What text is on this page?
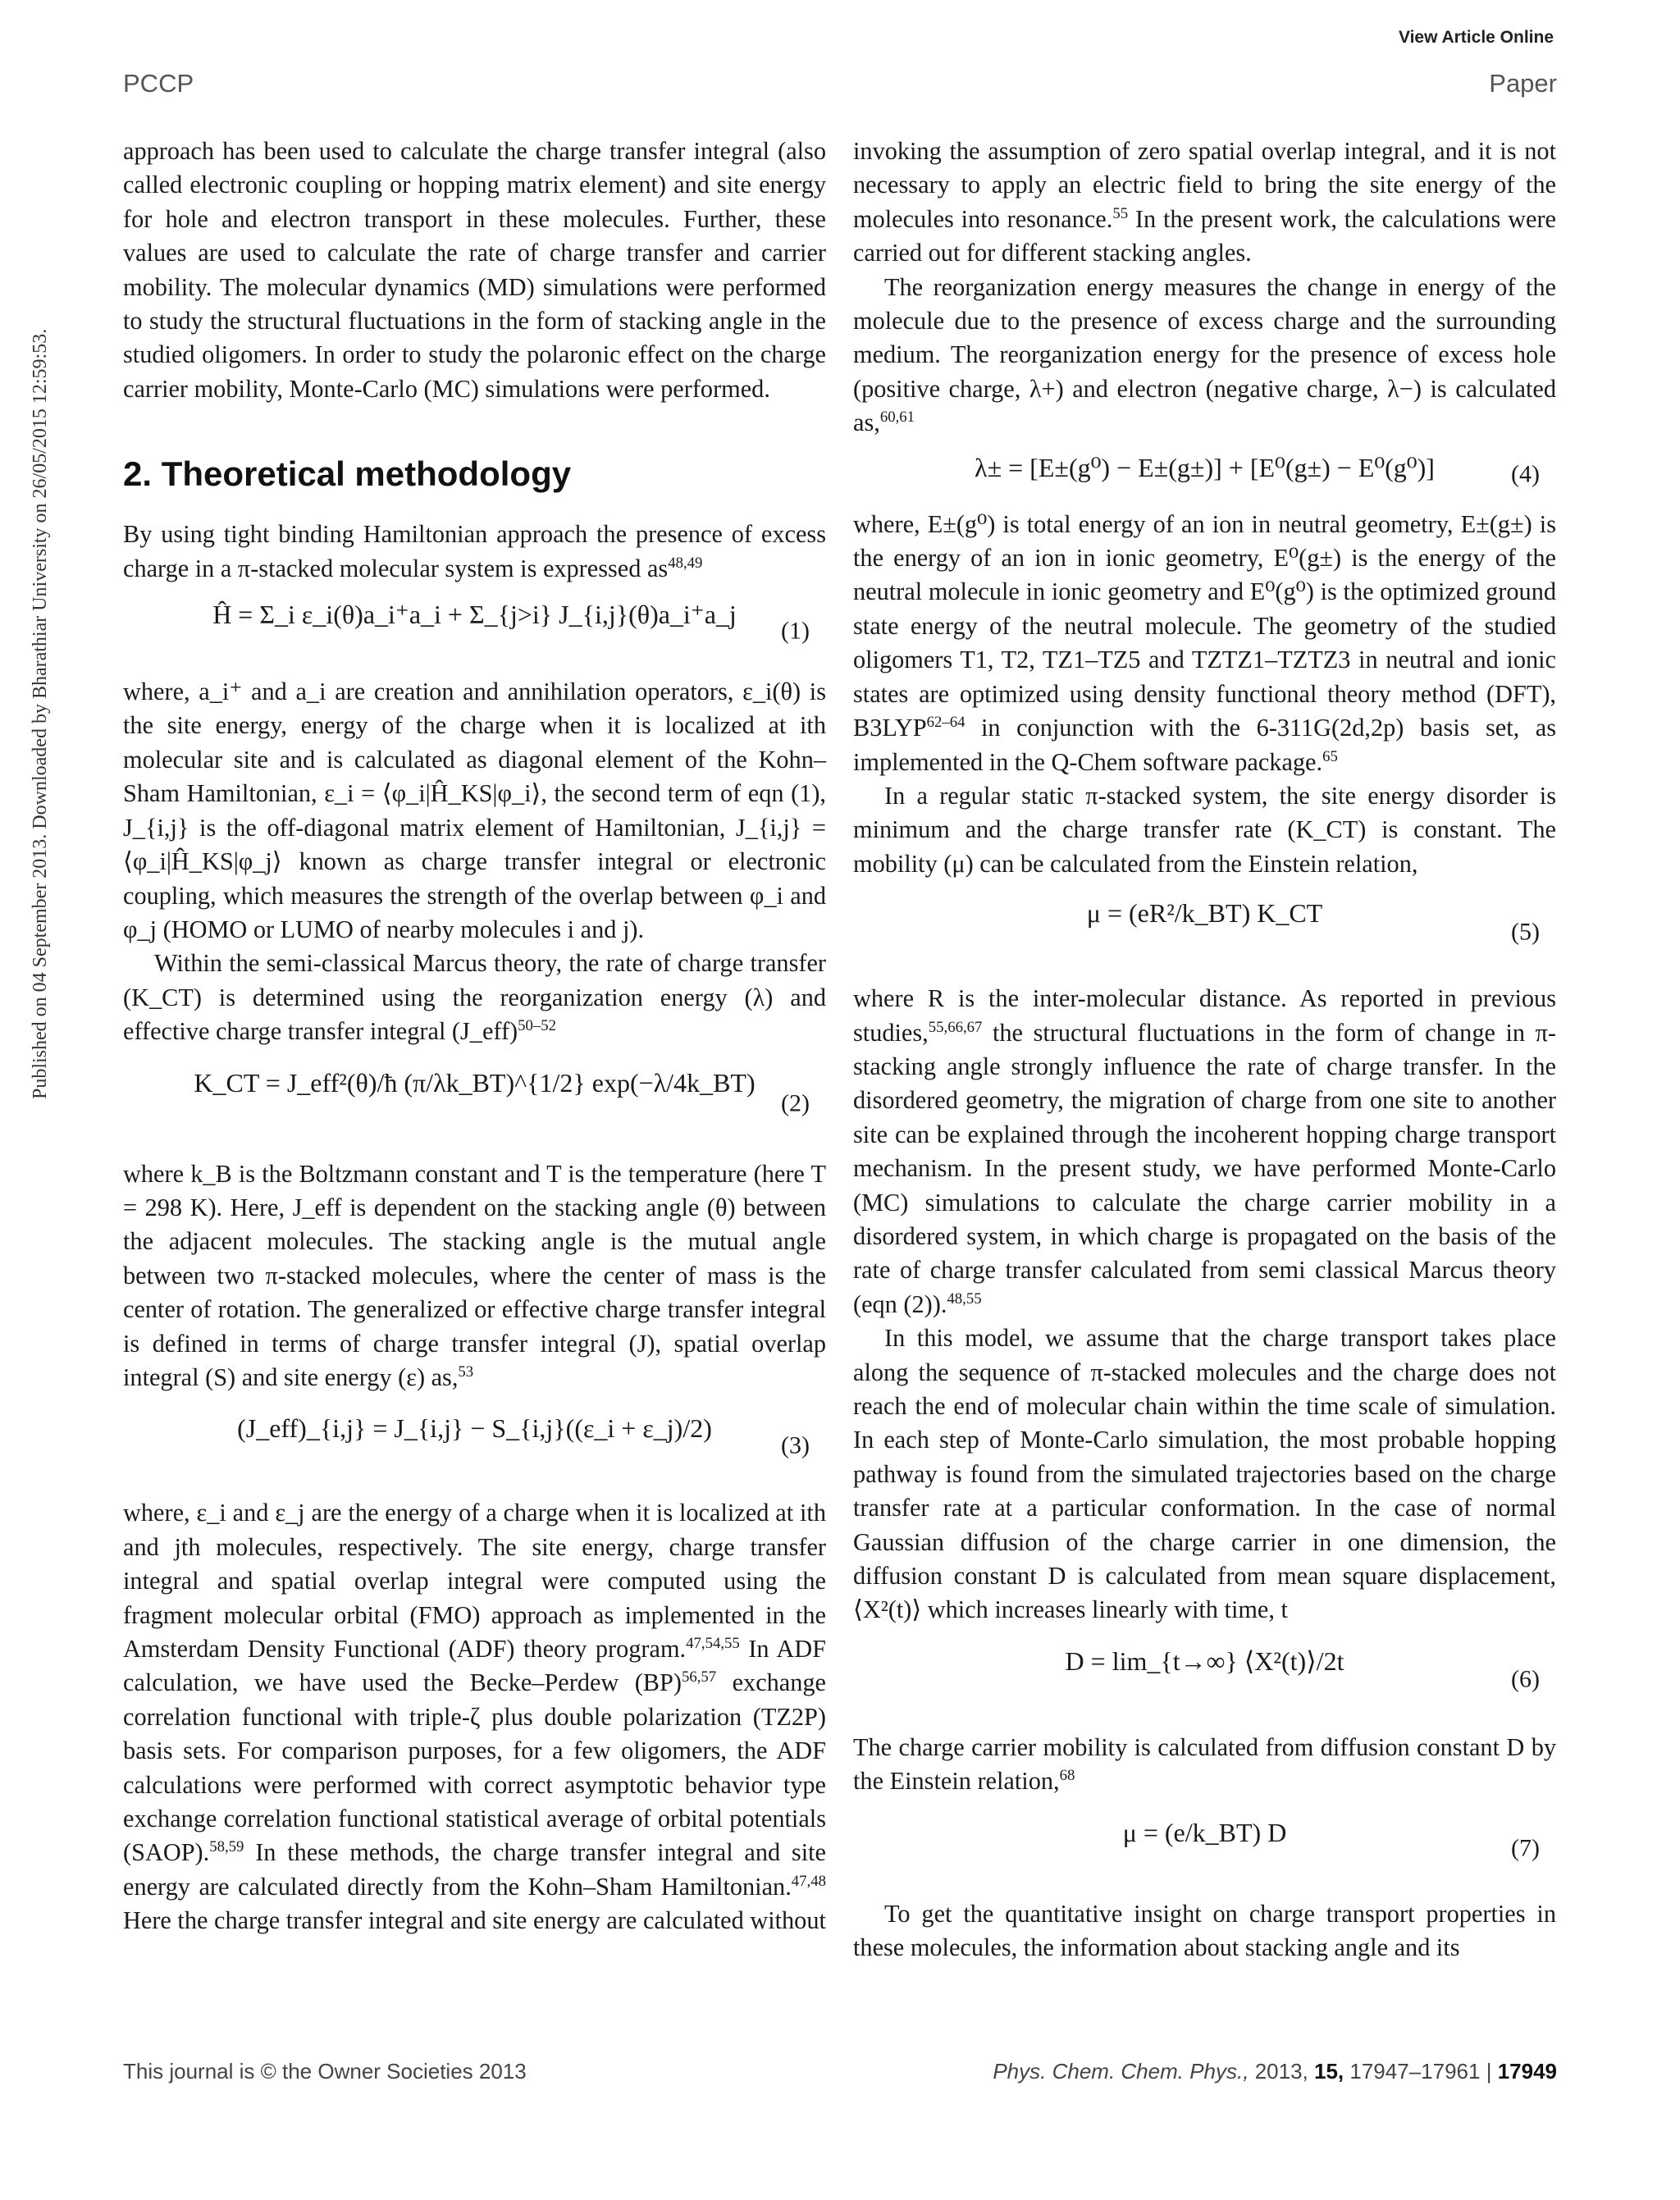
View Article Online
PCCP	Paper
Published on 04 September 2013. Downloaded by Bharathiar University on 26/05/2015 12:59:53.

approach has been used to calculate the charge transfer integral (also called electronic coupling or hopping matrix element) and site energy for hole and electron transport in these molecules. Further, these values are used to calculate the rate of charge transfer and carrier mobility. The molecular dynamics (MD) simulations were performed to study the structural fluctuations in the form of stacking angle in the studied oligomers. In order to study the polaronic effect on the charge carrier mobility, Monte-Carlo (MC) simulations were performed.

2. Theoretical methodology

By using tight binding Hamiltonian approach the presence of excess charge in a π-stacked molecular system is expressed as$^{48,49}$

Ĥ = Σ_i ε_i(θ)a_i⁺a_i + Σ_{j>i} J_{i,j}(θ)a_i⁺a_j
(1)

where, a_i⁺ and a_i are creation and annihilation operators, ε_i(θ) is the site energy, energy of the charge when it is localized at ith molecular site and is calculated as diagonal element of the Kohn–Sham Hamiltonian, ε_i = ⟨φ_i|Ĥ_KS|φ_i⟩, the second term of eqn (1), J_{i,j} is the off-diagonal matrix element of Hamiltonian, J_{i,j} = ⟨φ_i|Ĥ_KS|φ_j⟩ known as charge transfer integral or electronic coupling, which measures the strength of the overlap between φ_i and φ_j (HOMO or LUMO of nearby molecules i and j).

Within the semi-classical Marcus theory, the rate of charge transfer (K_CT) is determined using the reorganization energy (λ) and effective charge transfer integral (J_eff)$^{50-52}$

K_CT = J_eff²(θ)/ħ (π/λk_BT)^{1/2} exp(−λ/4k_BT)
(2)

where k_B is the Boltzmann constant and T is the temperature (here T = 298 K). Here, J_eff is dependent on the stacking angle (θ) between the adjacent molecules. The stacking angle is the mutual angle between two π-stacked molecules, where the center of mass is the center of rotation. The generalized or effective charge transfer integral is defined in terms of charge transfer integral (J), spatial overlap integral (S) and site energy (ε) as,$^{53}$

(J_eff)_{i,j} = J_{i,j} − S_{i,j}((ε_i + ε_j)/2)
(3)

where, ε_i and ε_j are the energy of a charge when it is localized at ith and jth molecules, respectively. The site energy, charge transfer integral and spatial overlap integral were computed using the fragment molecular orbital (FMO) approach as implemented in the Amsterdam Density Functional (ADF) theory program.$^{47,54,55}$ In ADF calculation, we have used the Becke–Perdew (BP)$^{56,57}$ exchange correlation functional with triple-ζ plus double polarization (TZ2P) basis sets. For comparison purposes, for a few oligomers, the ADF calculations were performed with correct asymptotic behavior type exchange correlation functional statistical average of orbital potentials (SAOP).$^{58,59}$ In these methods, the charge transfer integral and site energy are calculated directly from the Kohn–Sham Hamiltonian.$^{47,48}$ Here the charge transfer integral and site energy are calculated without

invoking the assumption of zero spatial overlap integral, and it is not necessary to apply an electric field to bring the site energy of the molecules into resonance.$^{55}$ In the present work, the calculations were carried out for different stacking angles.

The reorganization energy measures the change in energy of the molecule due to the presence of excess charge and the surrounding medium. The reorganization energy for the presence of excess hole (positive charge, λ+) and electron (negative charge, λ−) is calculated as,$^{60,61}$

λ± = [E±(g⁰) − E±(g±)] + [E⁰(g±) − E⁰(g⁰)]	(4)

where, E±(g⁰) is total energy of an ion in neutral geometry, E±(g±) is the energy of an ion in ionic geometry, E⁰(g±) is the energy of the neutral molecule in ionic geometry and E⁰(g⁰) is the optimized ground state energy of the neutral molecule. The geometry of the studied oligomers T1, T2, TZ1–TZ5 and TZTZ1–TZTZ3 in neutral and ionic states are optimized using density functional theory method (DFT), B3LYP$^{62-64}$ in conjunction with the 6-311G(2d,2p) basis set, as implemented in the Q-Chem software package.$^{65}$

In a regular static π-stacked system, the site energy disorder is minimum and the charge transfer rate (K_CT) is constant. The mobility (μ) can be calculated from the Einstein relation,

μ = (eR²/k_BT) K_CT
(5)

where R is the inter-molecular distance. As reported in previous studies,$^{55,66,67}$ the structural fluctuations in the form of change in π-stacking angle strongly influence the rate of charge transfer. In the disordered geometry, the migration of charge from one site to another site can be explained through the incoherent hopping charge transport mechanism. In the present study, we have performed Monte-Carlo (MC) simulations to calculate the charge carrier mobility in a disordered system, in which charge is propagated on the basis of the rate of charge transfer calculated from semi classical Marcus theory (eqn (2)).$^{48,55}$

In this model, we assume that the charge transport takes place along the sequence of π-stacked molecules and the charge does not reach the end of molecular chain within the time scale of simulation. In each step of Monte-Carlo simulation, the most probable hopping pathway is found from the simulated trajectories based on the charge transfer rate at a particular conformation. In the case of normal Gaussian diffusion of the charge carrier in one dimension, the diffusion constant D is calculated from mean square displacement, ⟨X²(t)⟩ which increases linearly with time, t

D = lim_{t→∞} ⟨X²(t)⟩/2t
(6)

The charge carrier mobility is calculated from diffusion constant D by the Einstein relation,$^{68}$

μ = (e/k_BT) D
(7)

To get the quantitative insight on charge transport properties in these molecules, the information about stacking angle and its

This journal is © the Owner Societies 2013	Phys. Chem. Chem. Phys., 2013, 15, 17947–17961 | 17949
